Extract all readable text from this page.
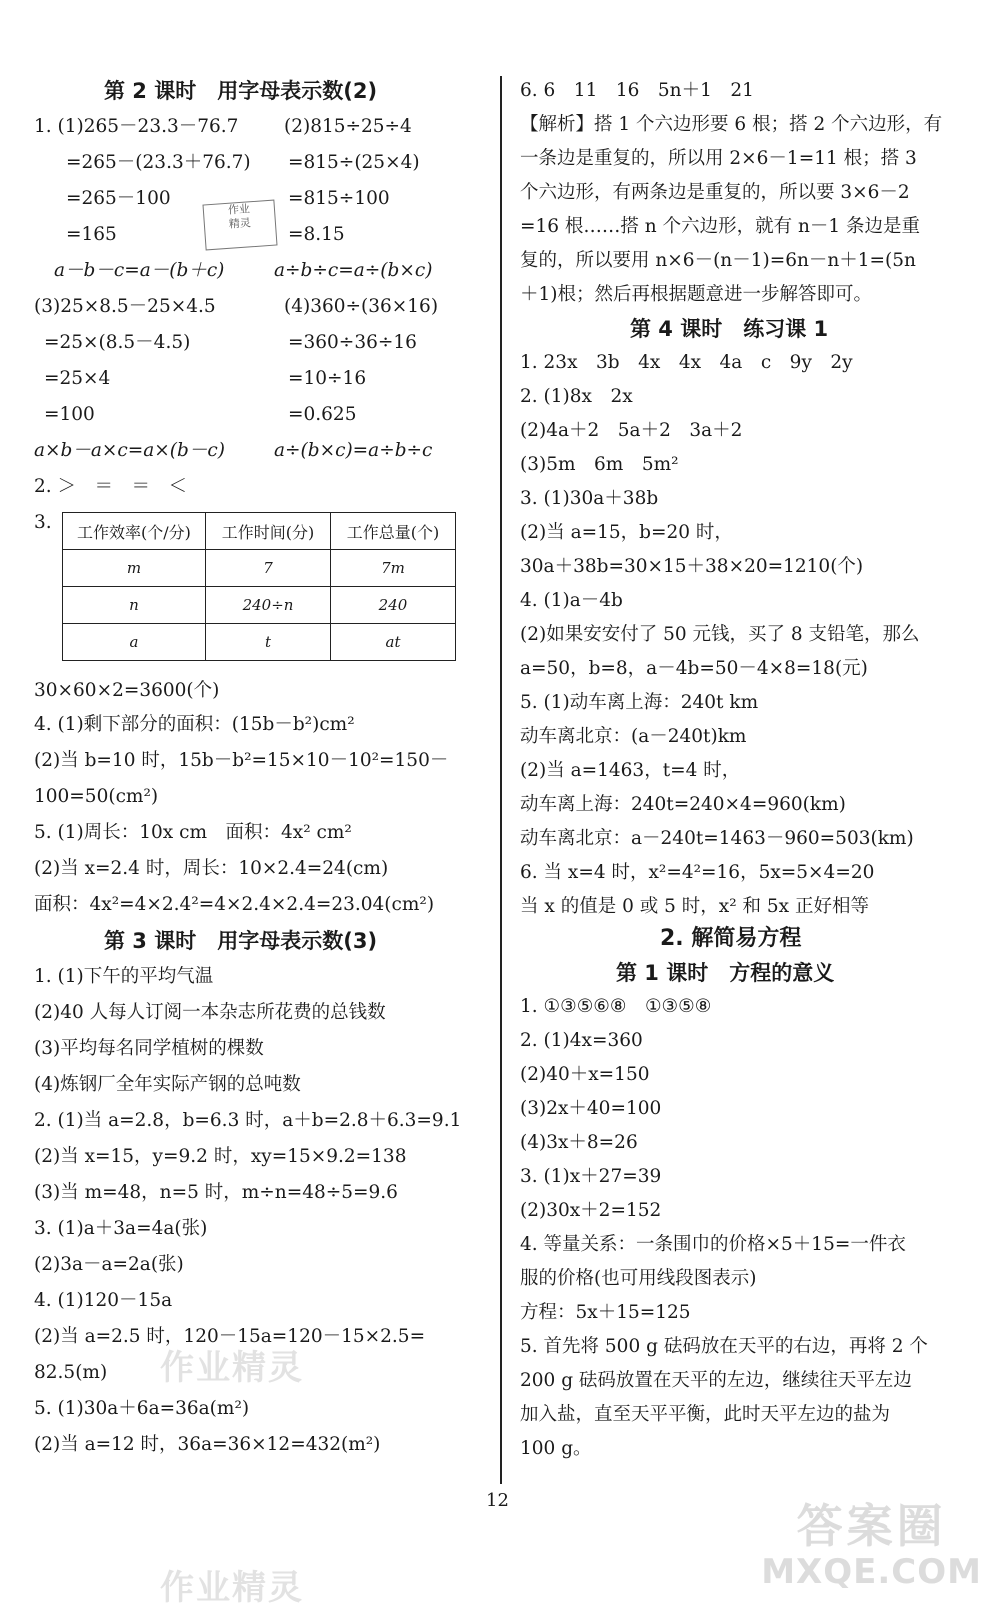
第 2 课时　用字母表示数(2)
1. (1)265－23.3－76.7 (2)815÷25÷4
=265－(23.3＋76.7) =815÷(25×4)
=265－100	=815÷100
=165	=8.15
a－b－c=a－(b＋c)	a÷b÷c=a÷(b×c)
(3)25×8.5－25×4.5	(4)360÷(36×16)
=25×(8.5－4.5)	=360÷36÷16
=25×4	=10÷16
=100	=0.625
a×b－a×c=a×(b－c)	a÷(b×c)=a÷b÷c
2. ＞　＝　＝　＜
3. 工作效率(个/分)	工作时间(分)	工作总量(个)
m	7	7m
n	240÷n	240
a	t	at
30×60×2=3600(个)
4. (1)剩下部分的面积：(15b－b²)cm²
(2)当 b=10 时，15b－b²=15×10－10²=150－
100=50(cm²)
5. (1)周长：10x cm　面积：4x² cm²
(2)当 x=2.4 时，周长：10×2.4=24(cm)
面积：4x²=4×2.4²=4×2.4×2.4=23.04(cm²)
第 3 课时　用字母表示数(3)
1. (1)下午的平均气温
(2)40 人每人订阅一本杂志所花费的总钱数
(3)平均每名同学植树的棵数
(4)炼钢厂全年实际产钢的总吨数
2. (1)当 a=2.8，b=6.3 时，a＋b=2.8＋6.3=9.1
(2)当 x=15，y=9.2 时，xy=15×9.2=138
(3)当 m=48，n=5 时，m÷n=48÷5=9.6
3. (1)a＋3a=4a(张)
(2)3a－a=2a(张)
4. (1)120－15a
(2)当 a=2.5 时，120－15a=120－15×2.5=
82.5(m)
5. (1)30a＋6a=36a(m²)
(2)当 a=12 时，36a=36×12=432(m²)
6. 6　11　16　5n＋1　21
【解析】搭 1 个六边形要 6 根；搭 2 个六边形，有
一条边是重复的，所以用 2×6－1=11 根；搭 3
个六边形，有两条边是重复的，所以要 3×6－2
=16 根……搭 n 个六边形，就有 n－1 条边是重
复的，所以要用 n×6－(n－1)=6n－n＋1=(5n
＋1)根；然后再根据题意进一步解答即可。
第 4 课时　练习课 1
1. 23x　3b　4x　4x　4a　c　9y　2y
2. (1)8x　2x
(2)4a＋2　5a＋2　3a＋2
(3)5m　6m　5m²
3. (1)30a＋38b
(2)当 a=15，b=20 时，
30a＋38b=30×15＋38×20=1210(个)
4. (1)a－4b
(2)如果安安付了 50 元钱，买了 8 支铅笔，那么
a=50，b=8，a－4b=50－4×8=18(元)
5. (1)动车离上海：240t km
动车离北京：(a－240t)km
(2)当 a=1463，t=4 时，
动车离上海：240t=240×4=960(km)
动车离北京：a－240t=1463－960=503(km)
6. 当 x=4 时，x²=4²=16，5x=5×4=20
当 x 的值是 0 或 5 时，x² 和 5x 正好相等
2. 解简易方程
第 1 课时　方程的意义
1. ①③⑤⑥⑧　①③⑤⑧
2. (1)4x=360
(2)40＋x=150
(3)2x＋40=100
(4)3x＋8=26
3. (1)x＋27=39
(2)30x＋2=152
4. 等量关系：一条围巾的价格×5＋15=一件衣
服的价格(也可用线段图表示)
方程：5x＋15=125
5. 首先将 500 g 砝码放在天平的右边，再将 2 个
200 g 砝码放置在天平的左边，继续往天平左边
加入盐，直至天平平衡，此时天平左边的盐为
100 g。
12
作业
精灵
作业精灵
作业精灵
答案圈
MXQE.COM
